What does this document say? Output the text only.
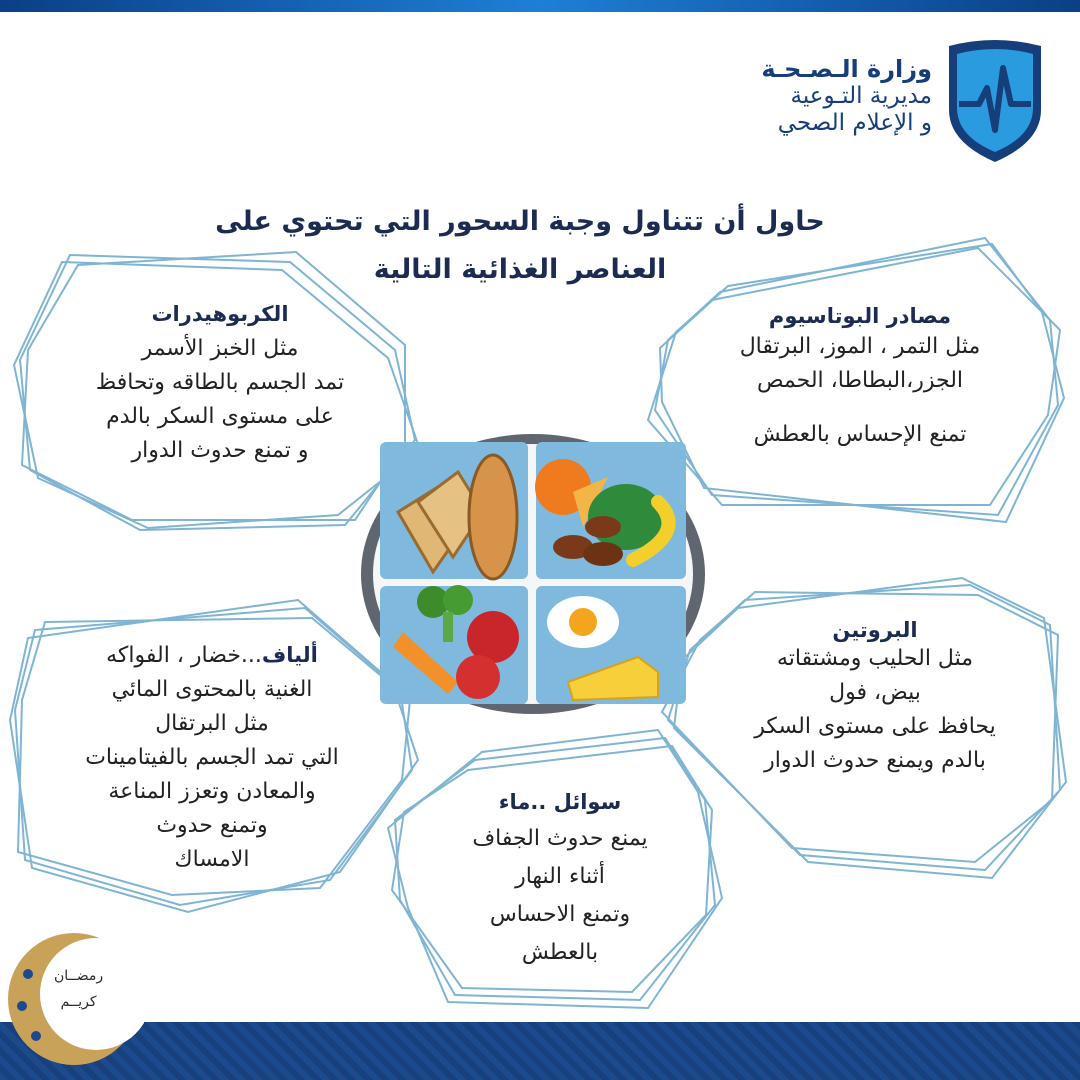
وزارة الـصـحـة
مديرية التـوعية
و الإعلام الصحي
حاول أن تتناول وجبة السحور التي تحتوي على
العناصر الغذائية التالية
الكربوهيدرات
مثل الخبز الأسمر
تمد الجسم بالطاقه وتحافظ
على مستوى السكر بالدم
و تمنع حدوث الدوار
مصادر البوتاسيوم
مثل التمر ، الموز، البرتقال
الجزر،البطاطا، الحمص
تمنع الإحساس بالعطش
ألياف...خضار ، الفواكه
الغنية بالمحتوى المائي
مثل البرتقال
التي تمد الجسم بالفيتامينات
والمعادن وتعزز المناعة
وتمنع حدوث
الامساك
البروتين
مثل الحليب ومشتقاته
بيض، فول
يحافظ على مستوى السكر
بالدم ويمنع حدوث الدوار
سوائل ..ماء
يمنع حدوث الجفاف
أثناء النهار
وتمنع الاحساس
بالعطش
رمضــان
كريــم
